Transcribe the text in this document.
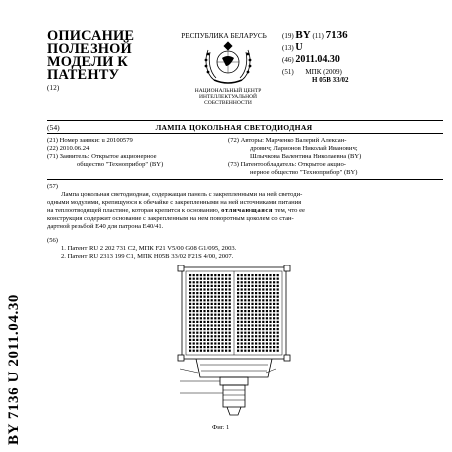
ОПИСАНИЕ
ПОЛЕЗНОЙ
МОДЕЛИ К
ПАТЕНТУ
(12)
РЕСПУБЛИКА БЕЛАРУСЬ
НАЦИОНАЛЬНЫЙ ЦЕНТР
ИНТЕЛЛЕКТУАЛЬНОЙ
СОБСТВЕННОСТИ
(19) BY (11) 7136
(13) U
(46) 2011.04.30
(51) МПК (2009)
H 05B 33/02
(54)	ЛАМПА ЦОКОЛЬНАЯ СВЕТОДИОДНАЯ
(21) Номер заявки: u 20100579
(22) 2010.06.24
(71) Заявитель: Открытое акционерное
общество "Техноприбор" (BY)
(72) Авторы: Марченко Валерий Алексан-
дрович; Ларионов Николай Иванович;
Шлычкова Валентина Николаевна (BY)
(73) Патентообладатель: Открытое акцио-
нерное общество "Техноприбор" (BY)
(57)
Лампа цокольная светодиодная, содержащая панель с закрепленными на ней светоди-
одными модулями, крепящуюся к обечайке с закрепленными на ней источниками питания
на теплоотводящей пластине, которая крепится к основанию, отличающаяся тем, что ее
конструкция содержит основание с закрепленным на нем поворотным цоколем со стан-
дартной резьбой E40 для патрона E40/41.
(56)
1. Патент RU 2 202 731 C2, МПК F21 V5/00 G08 G1/095, 2003.
2. Патент RU 2313 199 C1, МПК H05B 33/02 F21S 4/00, 2007.
BY 7136 U 2011.04.30	Фиг. 1
